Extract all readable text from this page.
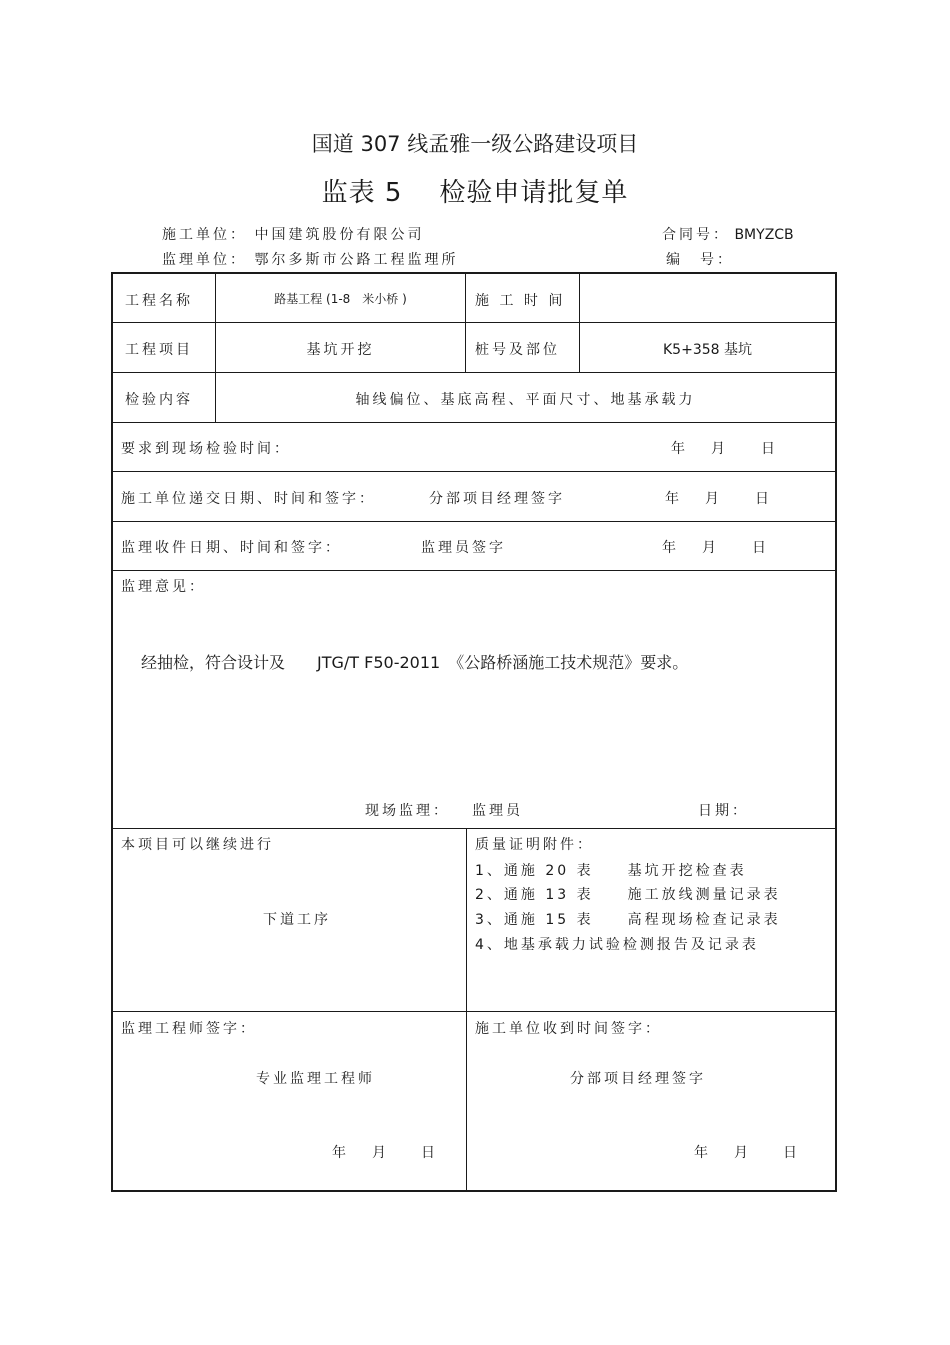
国道 307 线孟雅一级公路建设项目
监表 5    检验申请批复单
施工单位： 中国建筑股份有限公司	合同号： BMYZCB
监理单位： 鄂尔多斯市公路工程监理所	编　号：
工程名称	路基工程 (1-8　米小桥 )	施 工 时 间
工程项目	基坑开挖	桩号及部位	K5+358 基坑
检验内容	轴线偏位、基底高程、平面尺寸、地基承载力
要求到现场检验时间：	年 月	日
施工单位递交日期、时间和签字：	分部项目经理签字	年 月	日
监理收件日期、时间和签字：	监理员签字	年 月	日
监理意见：
经抽检，符合设计及　　JTG/T F50-2011　《公路桥涵施工技术规范》要求。
现场监理： 监理员	日期：
本项目可以继续进行
下道工序
质量证明附件：
1、通施 20 表　　基坑开挖检查表
2、通施 13 表　　施工放线测量记录表
3、通施 15 表　　高程现场检查记录表
4、地基承载力试验检测报告及记录表
监理工程师签字：
专业监理工程师
年 月	日
施工单位收到时间签字：
分部项目经理签字
年 月	日
